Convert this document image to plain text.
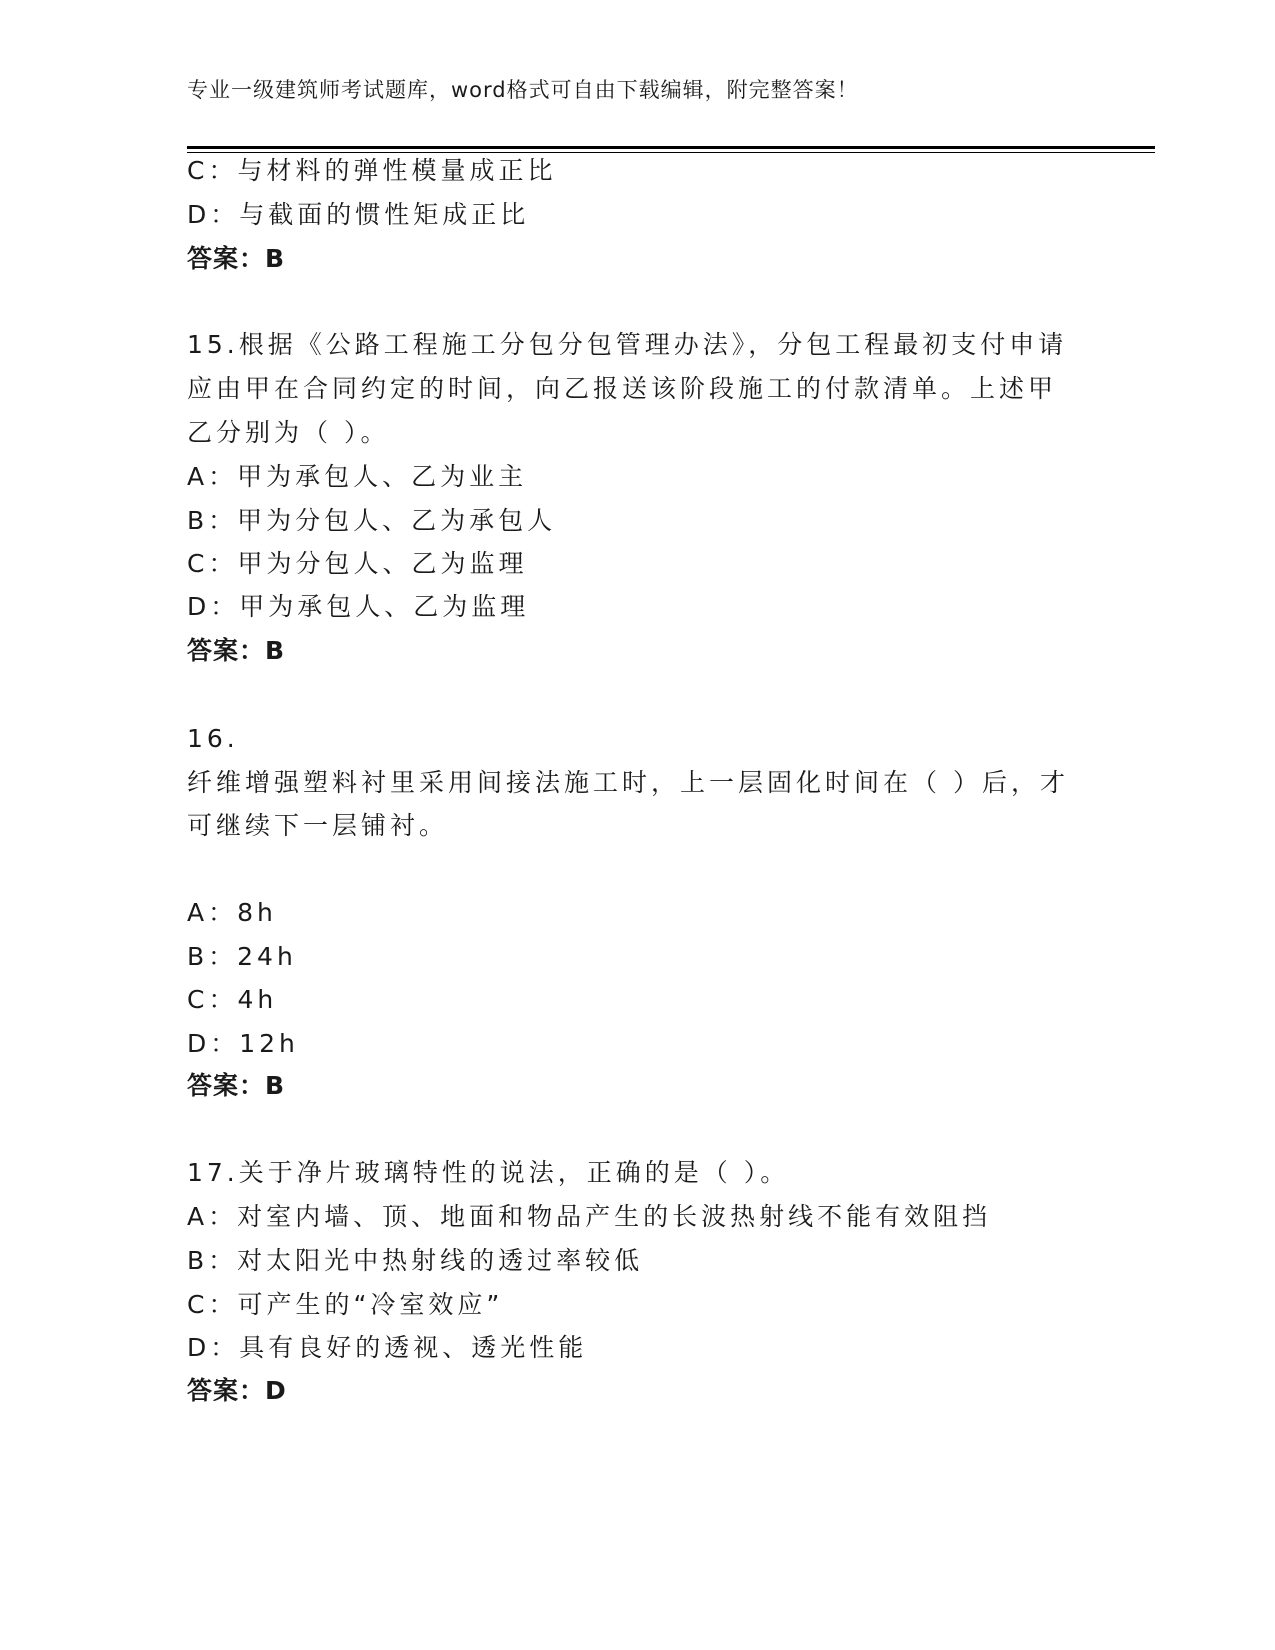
专业一级建筑师考试题库，word格式可自由下载编辑，附完整答案！
C：与材料的弹性模量成正比
D：与截面的惯性矩成正比
答案：B
15.根据《公路工程施工分包分包管理办法》，分包工程最初支付申请
应由甲在合同约定的时间，向乙报送该阶段施工的付款清单。上述甲
乙分别为（ ）。
A：甲为承包人、乙为业主
B：甲为分包人、乙为承包人
C：甲为分包人、乙为监理
D：甲为承包人、乙为监理
答案：B
16.
纤维增强塑料衬里采用间接法施工时，上一层固化时间在（ ）后，才
可继续下一层铺衬。
A：8h
B：24h
C：4h
D：12h
答案：B
17.关于净片玻璃特性的说法，正确的是（ ）。
A：对室内墙、顶、地面和物品产生的长波热射线不能有效阻挡
B：对太阳光中热射线的透过率较低
C：可产生的“冷室效应”
D：具有良好的透视、透光性能
答案：D
